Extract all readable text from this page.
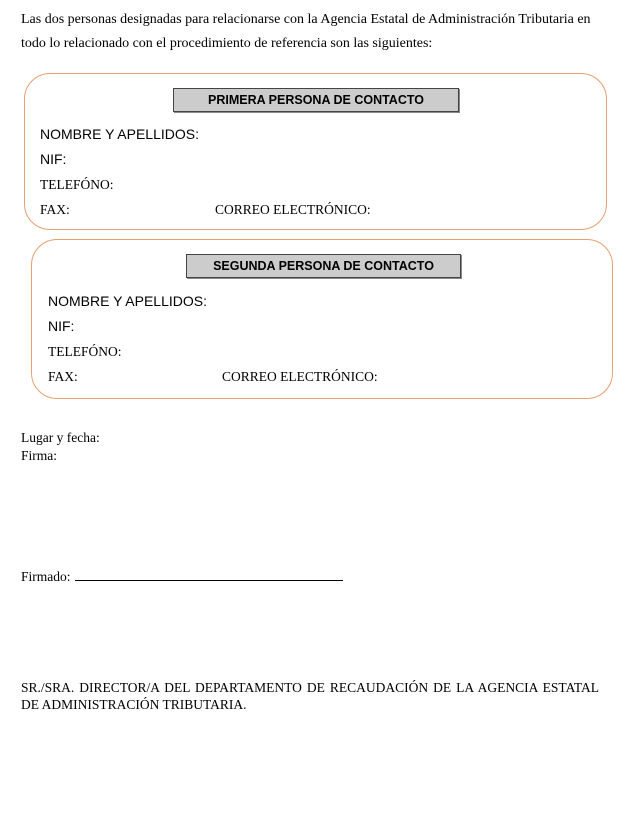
Las dos personas designadas para relacionarse con la Agencia Estatal de Administración Tributaria en todo lo relacionado con el procedimiento de referencia son las siguientes:

PRIMERA PERSONA DE CONTACTO
NOMBRE Y APELLIDOS:
NIF:
TELEFÓNO:
FAX:	CORREO ELECTRÓNICO:
SEGUNDA PERSONA DE CONTACTO
NOMBRE Y APELLIDOS:
NIF:
TELEFÓNO:
FAX:	CORREO ELECTRÓNICO:
Lugar y fecha:
Firma:
Firmado:

SR./SRA. DIRECTOR/A DEL DEPARTAMENTO DE RECAUDACIÓN DE LA AGENCIA ESTATAL DE ADMINISTRACIÓN TRIBUTARIA.
